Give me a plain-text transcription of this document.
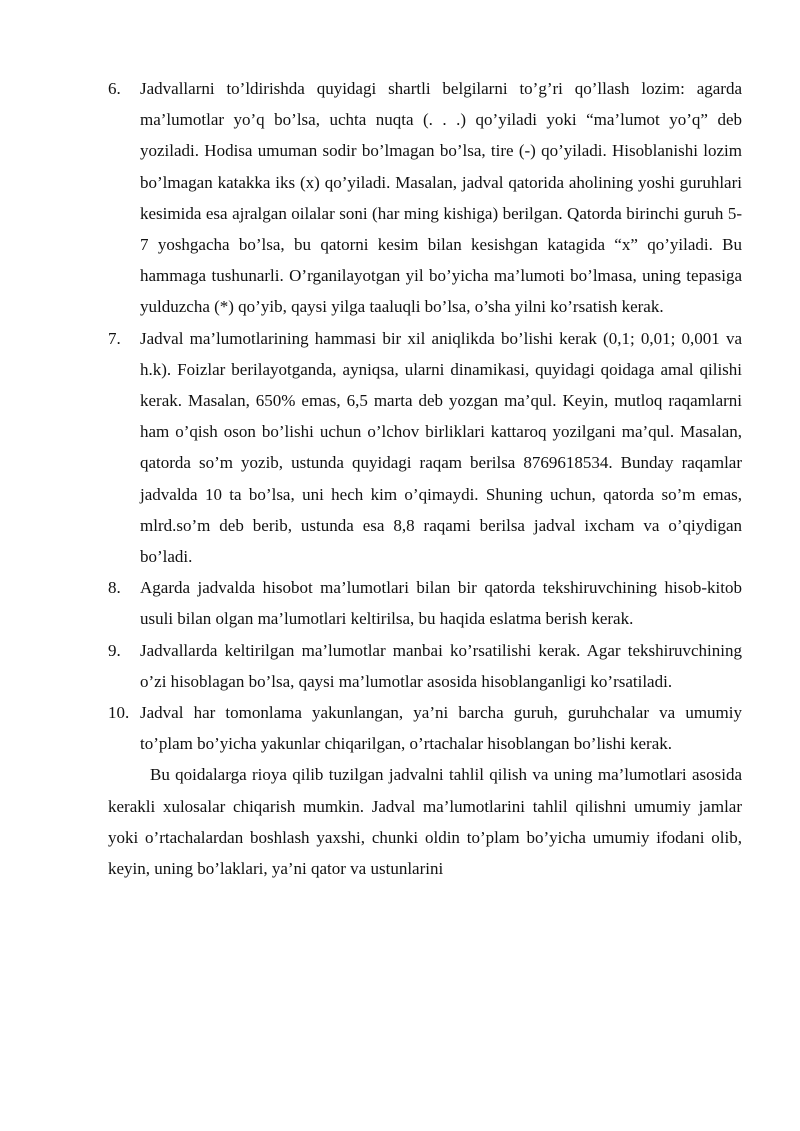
6. Jadvallarni to’ldirishda quyidagi shartli belgilarni to’g’ri qo’llash lozim: agarda ma’lumotlar yo’q bo’lsa, uchta nuqta (. . .) qo’yiladi yoki “ma’lumot yo’q” deb yoziladi. Hodisa umuman sodir bo’lmagan bo’lsa, tire (-) qo’yiladi. Hisoblanishi lozim bo’lmagan katakka iks (x) qo’yiladi. Masalan, jadval qatorida aholining yoshi guruhlari kesimida esa ajralgan oilalar soni (har ming kishiga) berilgan. Qatorda birinchi guruh 5-7 yoshgacha bo’lsa, bu qatorni kesim bilan kesishgan katagida “x” qo’yiladi. Bu hammaga tushunarli. O’rganilayotgan yil bo’yicha ma’lumoti bo’lmasa, uning tepasiga yulduzcha (*) qo’yib, qaysi yilga taaluqli bo’lsa, o’sha yilni ko’rsatish kerak.
7. Jadval ma’lumotlarining hammasi bir xil aniqlikda bo’lishi kerak (0,1; 0,01; 0,001 va h.k). Foizlar berilayotganda, ayniqsa, ularni dinamikasi, quyidagi qoidaga amal qilishi kerak. Masalan, 650% emas, 6,5 marta deb yozgan ma’qul. Keyin, mutloq raqamlarni ham o’qish oson bo’lishi uchun o’lchov birliklari kattaroq yozilgani ma’qul. Masalan, qatorda so’m yozib, ustunda quyidagi raqam berilsa 8769618534. Bunday raqamlar jadvalda 10 ta bo’lsa, uni hech kim o’qimaydi. Shuning uchun, qatorda so’m emas, mlrd.so’m deb berib, ustunda esa 8,8 raqami berilsa jadval ixcham va o’qiydigan bo’ladi.
8. Agarda jadvalda hisobot ma’lumotlari bilan bir qatorda tekshiruvchining hisob-kitob usuli bilan olgan ma’lumotlari keltirilsa, bu haqida eslatma berish kerak.
9. Jadvallarda keltirilgan ma’lumotlar manbai ko’rsatilishi kerak. Agar tekshiruvchining o’zi hisoblagan bo’lsa, qaysi ma’lumotlar asosida hisoblanganligi ko’rsatiladi.
10. Jadval har tomonlama yakunlangan, ya’ni barcha guruh, guruhchalar va umumiy to’plam bo’yicha yakunlar chiqarilgan, o’rtachalar hisoblangan bo’lishi kerak.

Bu qoidalarga rioya qilib tuzilgan jadvalni tahlil qilish va uning ma’lumotlari asosida kerakli xulosalar chiqarish mumkin. Jadval ma’lumotlarini tahlil qilishni umumiy jamlar yoki o’rtachalardan boshlash yaxshi, chunki oldin to’plam bo’yicha umumiy ifodani olib, keyin, uning bo’laklari, ya’ni qator va ustunlarini
